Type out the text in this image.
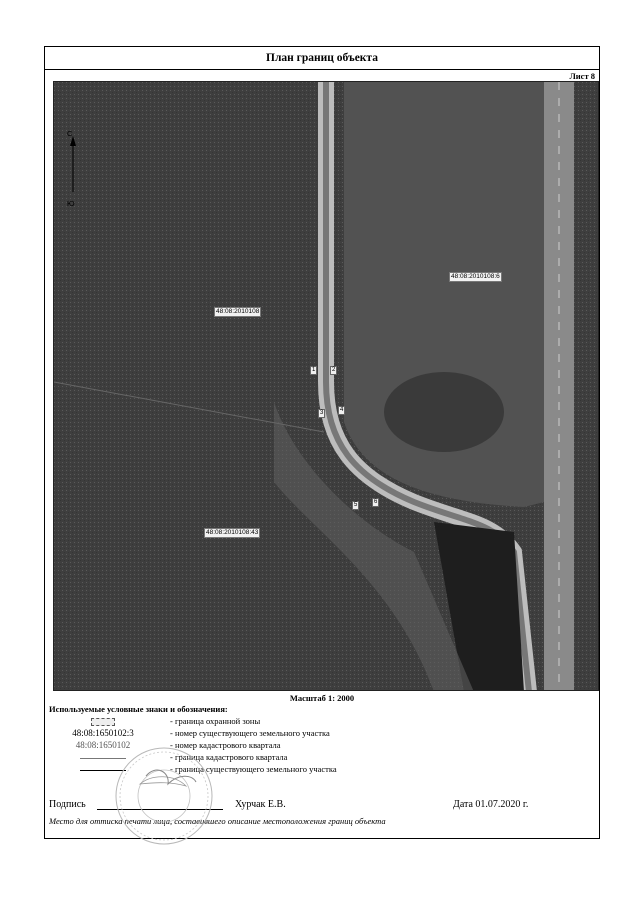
План границ объекта
Лист 8
С
Ю
48:08:2010108:6
48:08:2010108
48:08:2010108:43
1	2
3	4
5	6
Масштаб 1: 2000
Используемые условные знаки и обозначения:
- граница охранной зоны
48:08:1650102:3	- номер существующего земельного участка
48:08:1650102	- номер кадастрового квартала
- граница кадастрового квартала
- граница существующего земельного участка
Подпись	Хурчак Е.В.	Дата 01.07.2020 г.
Место для оттиска печати лица, составившего описание местоположения границ объекта
